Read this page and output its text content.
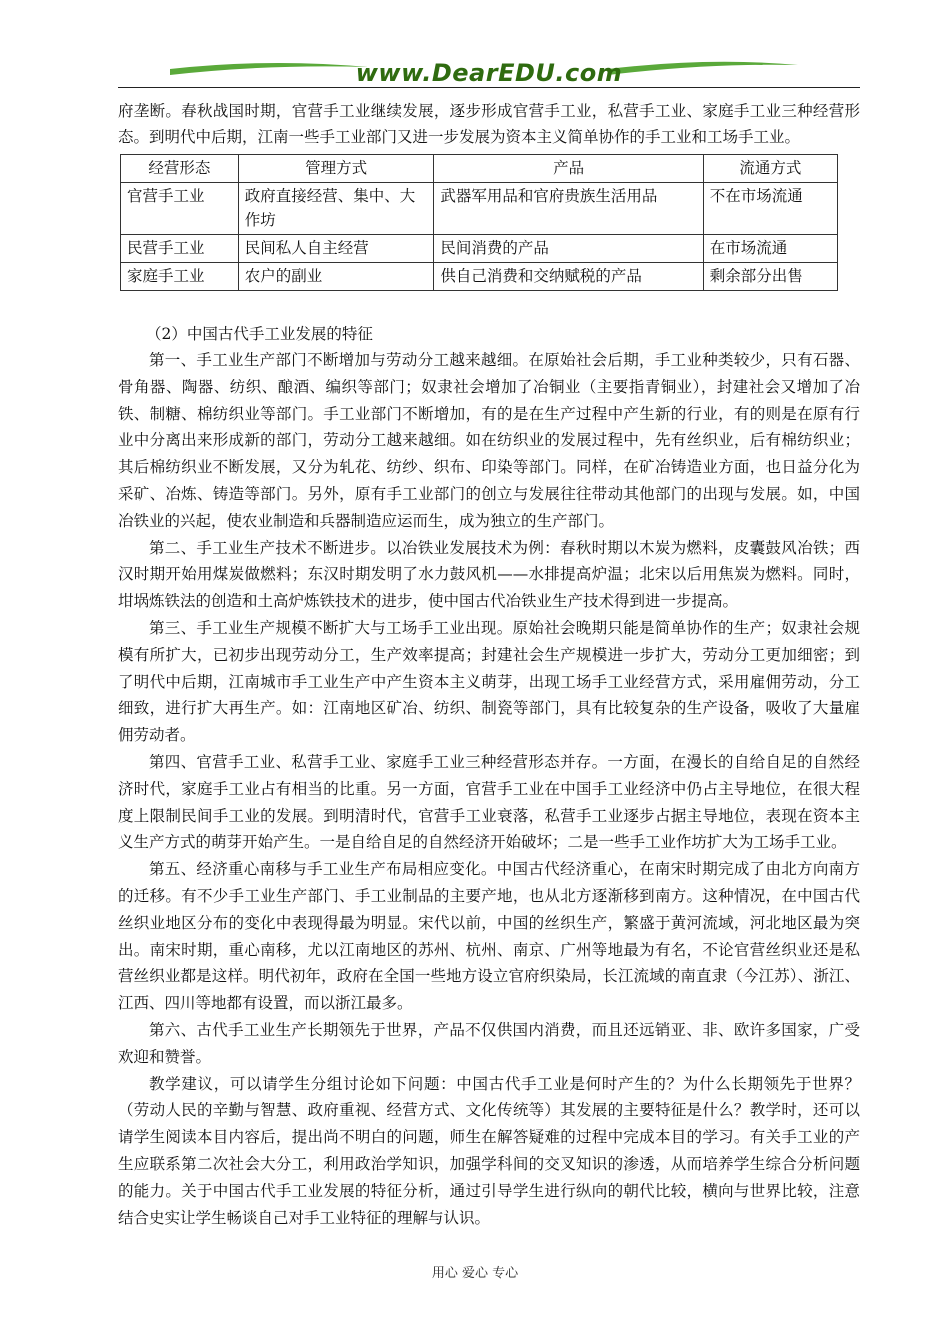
www.DearEDU.com

府垄断。春秋战国时期，官营手工业继续发展，逐步形成官营手工业，私营手工业、家庭手工业三种经营形态。到明代中后期，江南一些手工业部门又进一步发展为资本主义简单协作的手工业和工场手工业。

经营形态	管理方式	产品	流通方式
官营手工业	政府直接经营、集中、大作坊	武器军用品和官府贵族生活用品	不在市场流通
民营手工业	民间私人自主经营	民间消费的产品	在市场流通
家庭手工业	农户的副业	供自己消费和交纳赋税的产品	剩余部分出售
（2）中国古代手工业发展的特征

第一、手工业生产部门不断增加与劳动分工越来越细。在原始社会后期，手工业种类较少，只有石器、骨角器、陶器、纺织、酿酒、编织等部门；奴隶社会增加了冶铜业（主要指青铜业），封建社会又增加了冶铁、制糖、棉纺织业等部门。手工业部门不断增加，有的是在生产过程中产生新的行业，有的则是在原有行业中分离出来形成新的部门，劳动分工越来越细。如在纺织业的发展过程中，先有丝织业，后有棉纺织业；其后棉纺织业不断发展，又分为轧花、纺纱、织布、印染等部门。同样，在矿冶铸造业方面，也日益分化为采矿、冶炼、铸造等部门。另外，原有手工业部门的创立与发展往往带动其他部门的出现与发展。如，中国冶铁业的兴起，使农业制造和兵器制造应运而生，成为独立的生产部门。

第二、手工业生产技术不断进步。以冶铁业发展技术为例：春秋时期以木炭为燃料，皮囊鼓风冶铁；西汉时期开始用煤炭做燃料；东汉时期发明了水力鼓风机——水排提高炉温；北宋以后用焦炭为燃料。同时，坩埚炼铁法的创造和土高炉炼铁技术的进步，使中国古代冶铁业生产技术得到进一步提高。

第三、手工业生产规模不断扩大与工场手工业出现。原始社会晚期只能是简单协作的生产；奴隶社会规模有所扩大，已初步出现劳动分工，生产效率提高；封建社会生产规模进一步扩大，劳动分工更加细密；到了明代中后期，江南城市手工业生产中产生资本主义萌芽，出现工场手工业经营方式，采用雇佣劳动，分工细致，进行扩大再生产。如：江南地区矿冶、纺织、制瓷等部门，具有比较复杂的生产设备，吸收了大量雇佣劳动者。

第四、官营手工业、私营手工业、家庭手工业三种经营形态并存。一方面，在漫长的自给自足的自然经济时代，家庭手工业占有相当的比重。另一方面，官营手工业在中国手工业经济中仍占主导地位，在很大程度上限制民间手工业的发展。到明清时代，官营手工业衰落，私营手工业逐步占据主导地位，表现在资本主义生产方式的萌芽开始产生。一是自给自足的自然经济开始破坏；二是一些手工业作坊扩大为工场手工业。

第五、经济重心南移与手工业生产布局相应变化。中国古代经济重心，在南宋时期完成了由北方向南方的迁移。有不少手工业生产部门、手工业制品的主要产地，也从北方逐渐移到南方。这种情况，在中国古代丝织业地区分布的变化中表现得最为明显。宋代以前，中国的丝织生产，繁盛于黄河流域，河北地区最为突出。南宋时期，重心南移，尤以江南地区的苏州、杭州、南京、广州等地最为有名，不论官营丝织业还是私营丝织业都是这样。明代初年，政府在全国一些地方设立官府织染局，长江流域的南直隶（今江苏）、浙江、江西、四川等地都有设置，而以浙江最多。

第六、古代手工业生产长期领先于世界，产品不仅供国内消费，而且还远销亚、非、欧许多国家，广受欢迎和赞誉。

教学建议，可以请学生分组讨论如下问题：中国古代手工业是何时产生的？为什么长期领先于世界？（劳动人民的辛勤与智慧、政府重视、经营方式、文化传统等）其发展的主要特征是什么？教学时，还可以请学生阅读本目内容后，提出尚不明白的问题，师生在解答疑难的过程中完成本目的学习。有关手工业的产生应联系第二次社会大分工，利用政治学知识，加强学科间的交叉知识的渗透，从而培养学生综合分析问题的能力。关于中国古代手工业发展的特征分析，通过引导学生进行纵向的朝代比较，横向与世界比较，注意结合史实让学生畅谈自己对手工业特征的理解与认识。

用心 爱心 专心
